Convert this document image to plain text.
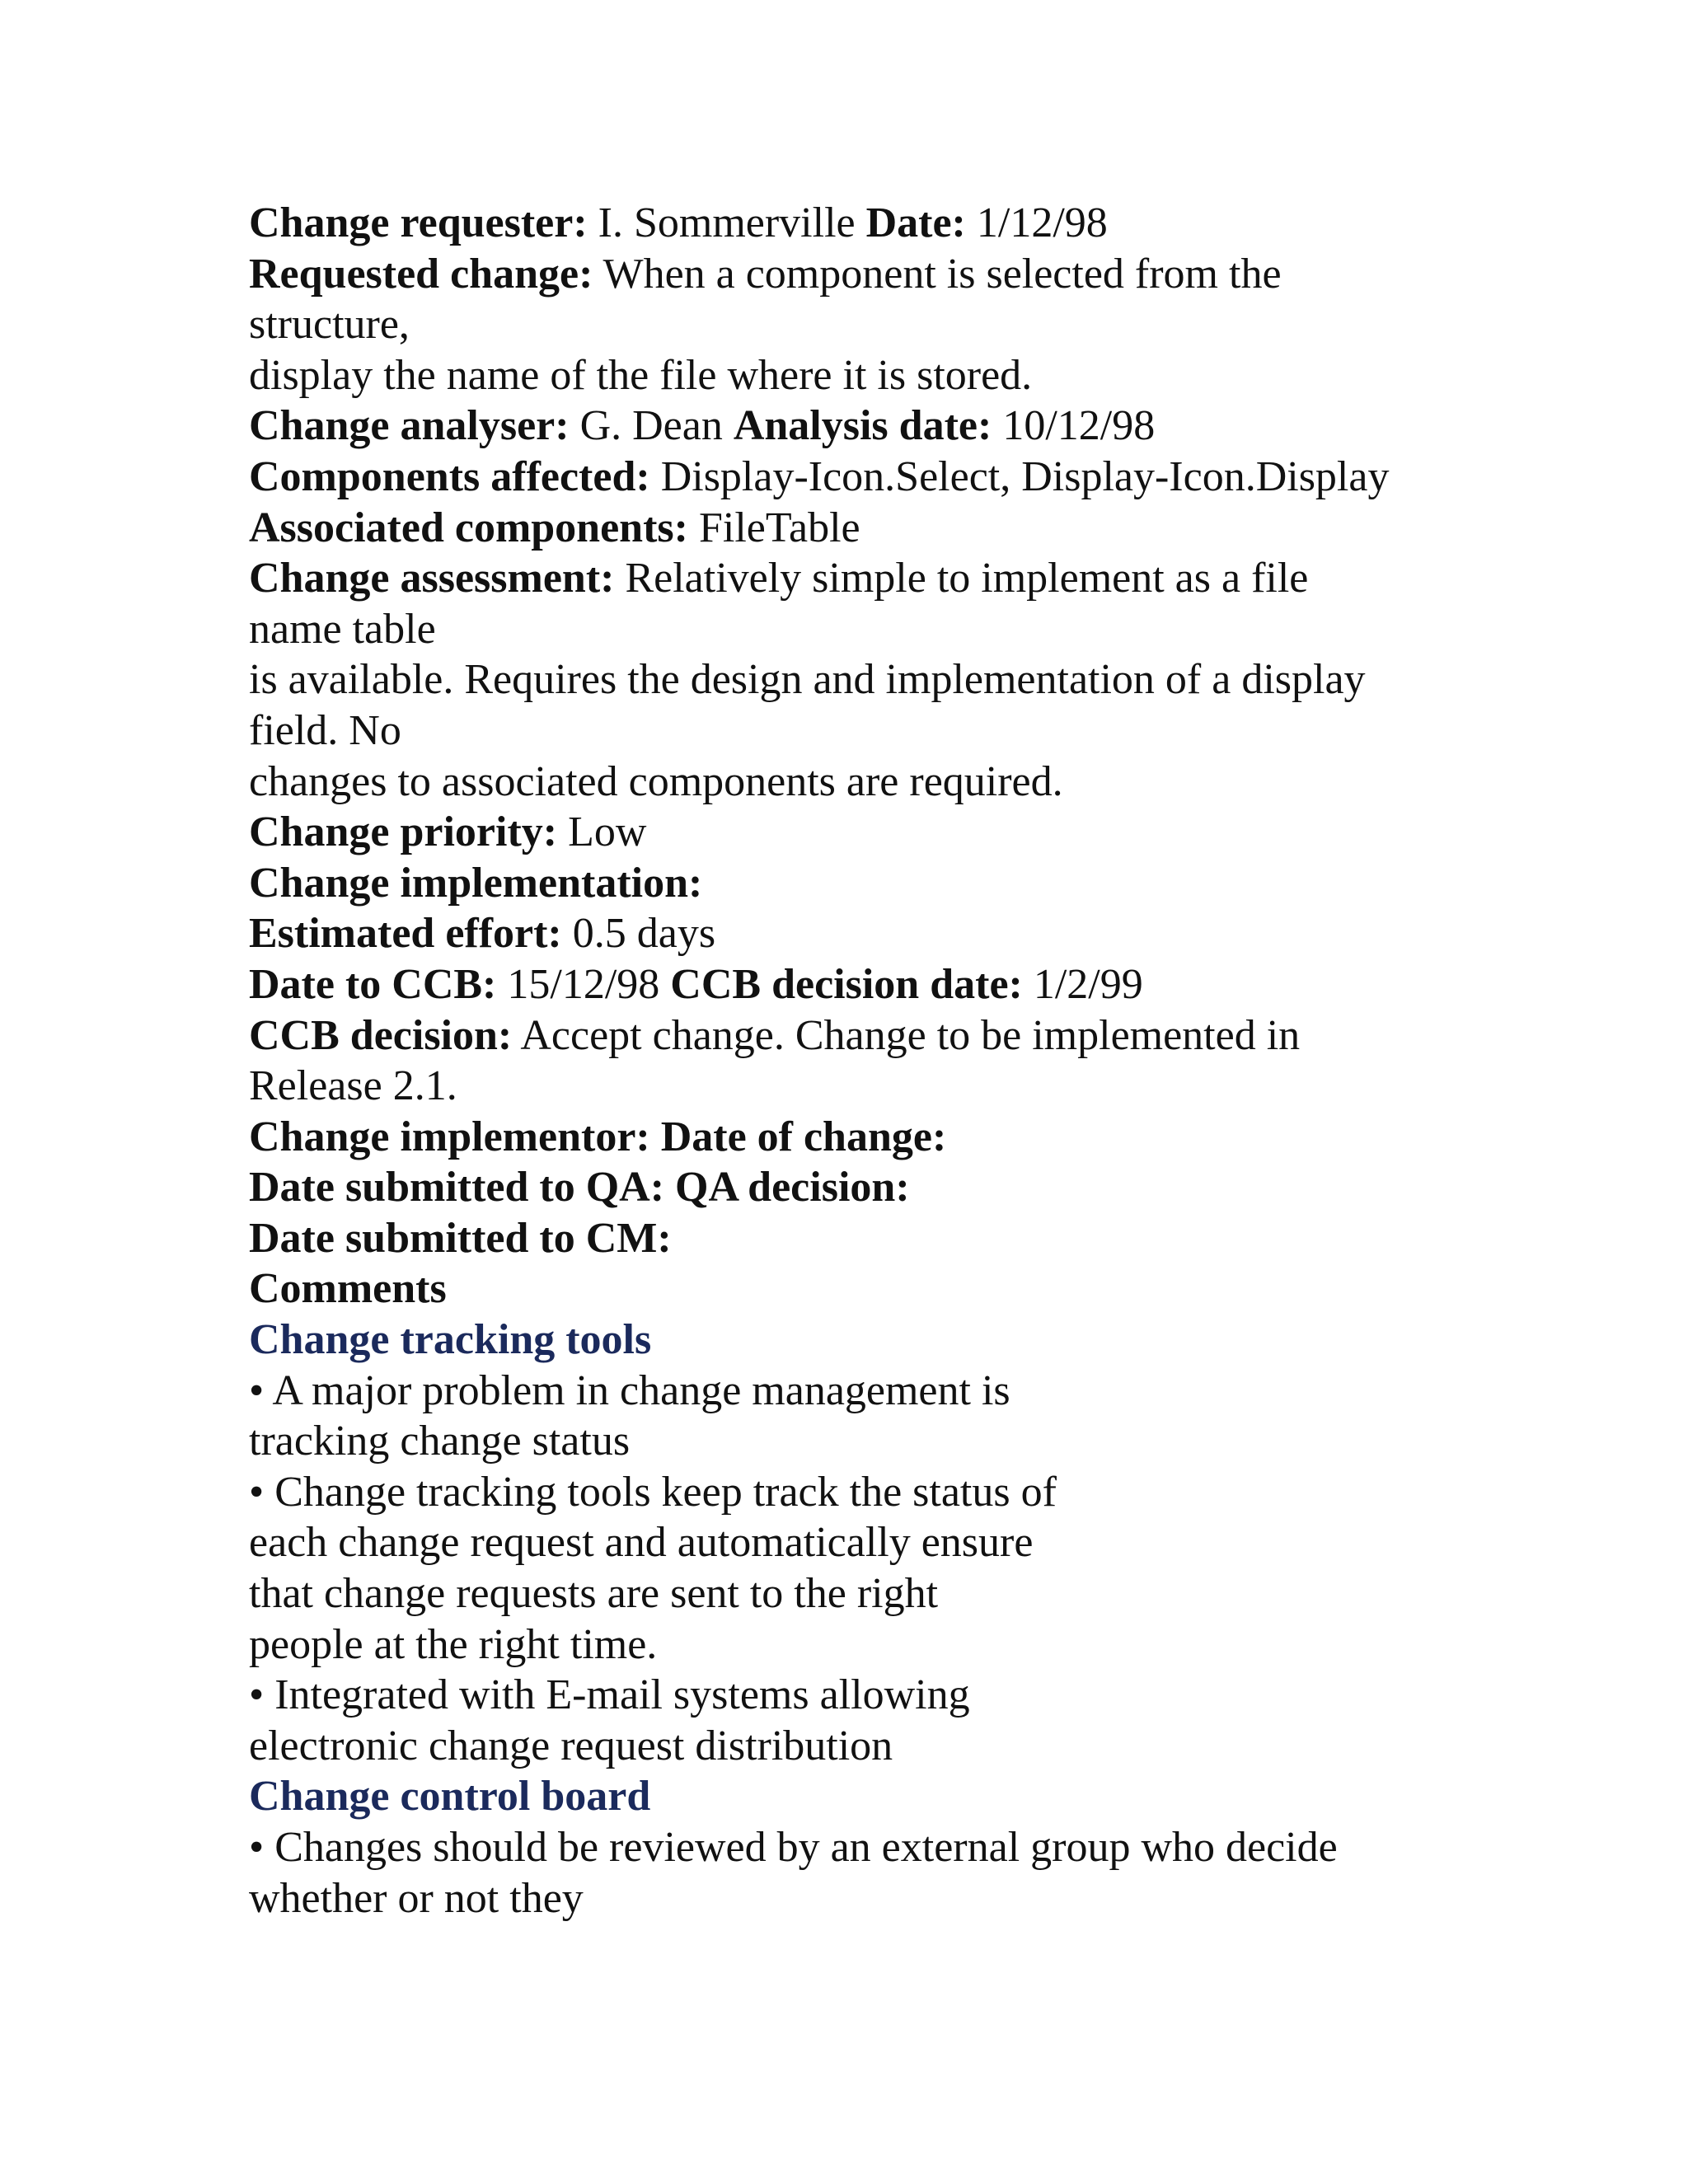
Change requester: I. Sommerville Date: 1/12/98
Requested change: When a component is selected from the
structure,
display the name of the file where it is stored.
Change analyser: G. Dean Analysis date: 10/12/98
Components affected: Display-Icon.Select, Display-Icon.Display
Associated components: FileTable
Change assessment: Relatively simple to implement as a file
name table
is available. Requires the design and implementation of a display
field. No
changes to associated components are required.
Change priority: Low
Change implementation:
Estimated effort: 0.5 days
Date to CCB: 15/12/98 CCB decision date: 1/2/99
CCB decision: Accept change. Change to be implemented in
Release 2.1.
Change implementor: Date of change:
Date submitted to QA: QA decision:
Date submitted to CM:
Comments
Change tracking tools
• A major problem in change management is
tracking change status
• Change tracking tools keep track the status of
each change request and automatically ensure
that change requests are sent to the right
people at the right time.
• Integrated with E-mail systems allowing
electronic change request distribution
Change control board
• Changes should be reviewed by an external group who decide
whether or not they
